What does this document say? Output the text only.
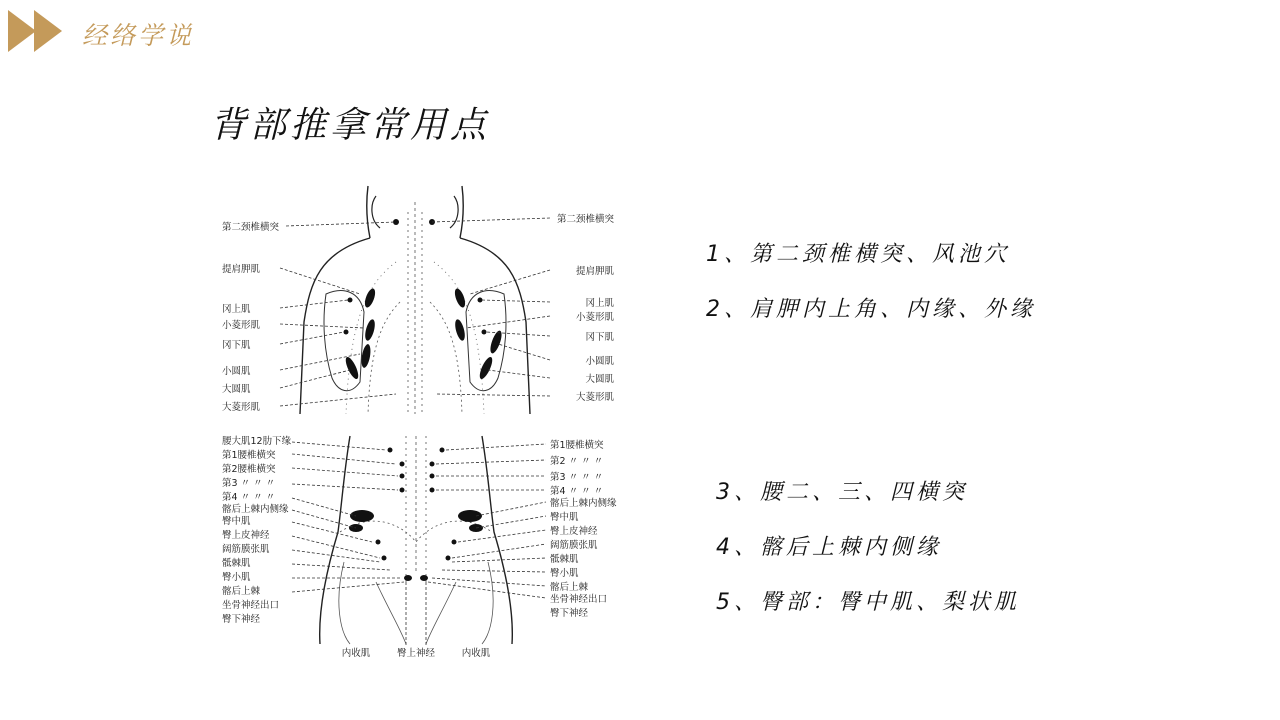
经络学说
背部推拿常用点
第二颈椎横突
提肩胛肌
冈上肌
小菱形肌
冈下肌
小圆肌
大圆肌
大菱形肌
第二颈椎横突
提肩胛肌
冈上肌
小菱形肌
冈下肌
小圆肌
大圆肌
大菱形肌
腰大肌12肋下缘
第1腰椎横突
第2腰椎横突
第3 〃 〃 〃
第4 〃 〃 〃
髂后上棘内侧缘
臀中肌
臀上皮神经
阔筋膜张肌
骶棘肌
臀小肌
髂后上棘
坐骨神经出口
臀下神经
第1腰椎横突
第2 〃 〃 〃
第3 〃 〃 〃
第4 〃 〃 〃
髂后上棘内侧缘
臀中肌
臀上皮神经
阔筋膜张肌
骶棘肌
臀小肌
髂后上棘
坐骨神经出口
臀下神经
内收肌	臀上神经	内收肌
1、第二颈椎横突、风池穴
2、肩胛内上角、内缘、外缘
3、腰二、三、四横突
4、髂后上棘内侧缘
5、臀部：臀中肌、梨状肌
